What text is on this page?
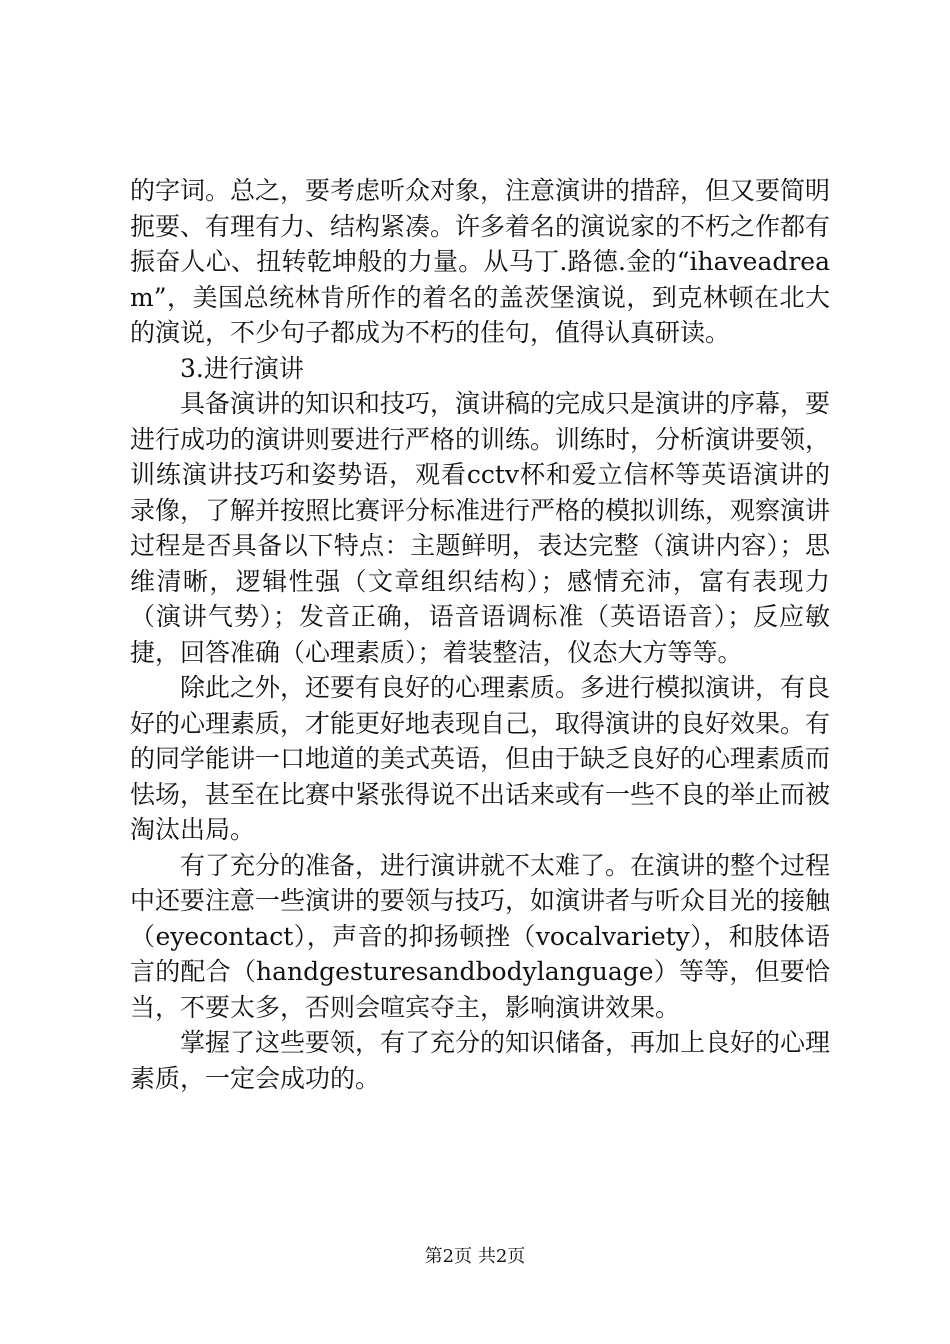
的字词。总之，要考虑听众对象，注意演讲的措辞，但又要简明扼要、有理有力、结构紧凑。许多着名的演说家的不朽之作都有振奋人心、扭转乾坤般的力量。从马丁.路德.金的“ihaveadream”，美国总统林肯所作的着名的盖茨堡演说，到克林顿在北大的演说，不少句子都成为不朽的佳句，值得认真研读。

3.进行演讲

具备演讲的知识和技巧，演讲稿的完成只是演讲的序幕，要进行成功的演讲则要进行严格的训练。训练时，分析演讲要领，训练演讲技巧和姿势语，观看cctv杯和爱立信杯等英语演讲的录像，了解并按照比赛评分标准进行严格的模拟训练，观察演讲过程是否具备以下特点：主题鲜明，表达完整（演讲内容）；思维清晰，逻辑性强（文章组织结构）；感情充沛，富有表现力（演讲气势）；发音正确，语音语调标准（英语语音）；反应敏捷，回答准确（心理素质）；着装整洁，仪态大方等等。

除此之外，还要有良好的心理素质。多进行模拟演讲，有良好的心理素质，才能更好地表现自己，取得演讲的良好效果。有的同学能讲一口地道的美式英语，但由于缺乏良好的心理素质而怯场，甚至在比赛中紧张得说不出话来或有一些不良的举止而被淘汰出局。

有了充分的准备，进行演讲就不太难了。在演讲的整个过程中还要注意一些演讲的要领与技巧，如演讲者与听众目光的接触（eyecontact），声音的抑扬顿挫（vocalvariety），和肢体语言的配合（handgesturesandbodylanguage）等等，但要恰当，不要太多，否则会喧宾夺主，影响演讲效果。

掌握了这些要领，有了充分的知识储备，再加上良好的心理素质，一定会成功的。

第2页 共2页
